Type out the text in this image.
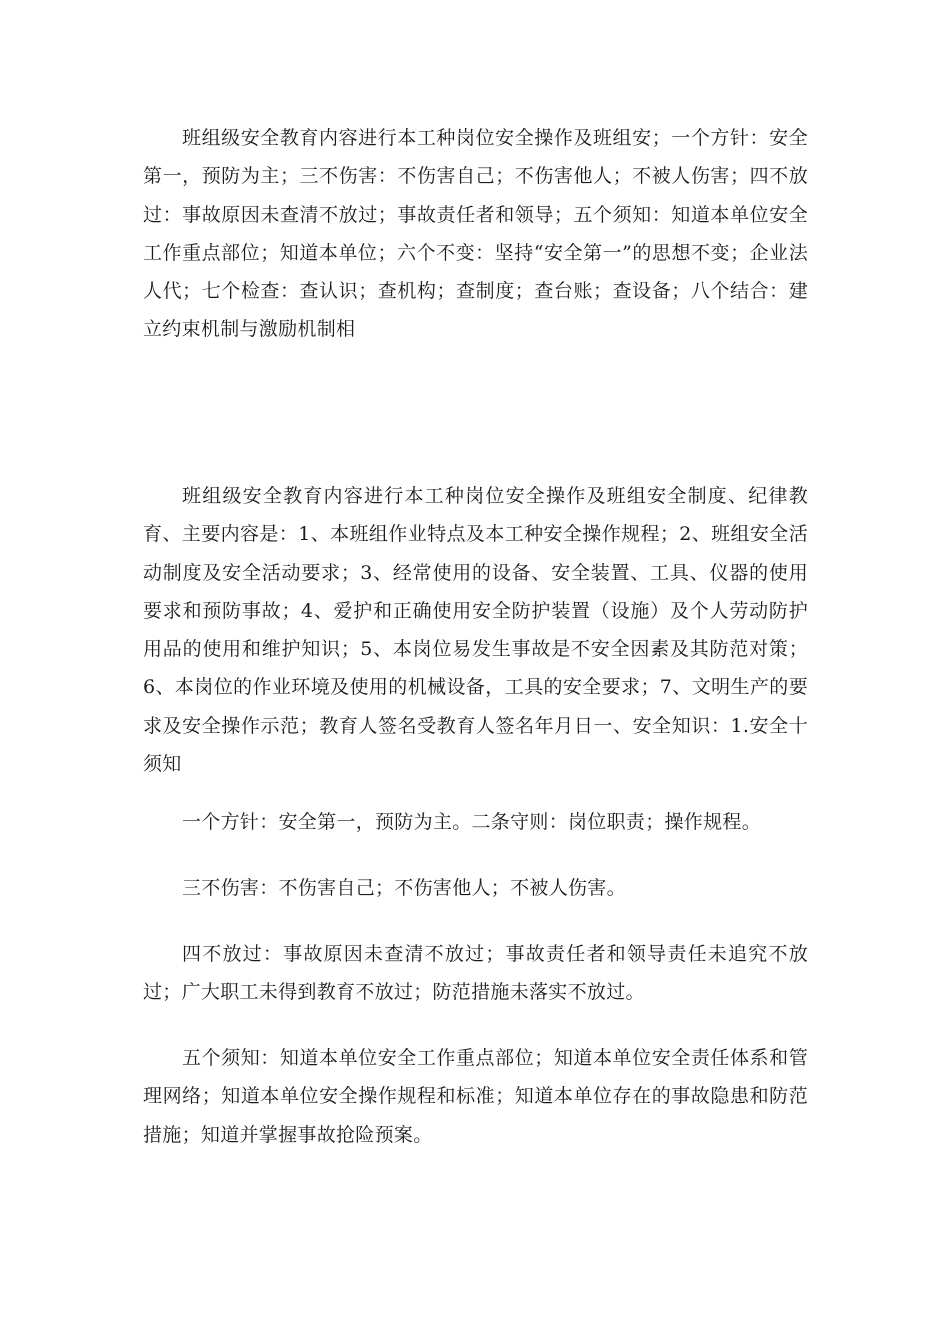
班组级安全教育内容进行本工种岗位安全操作及班组安；一个方针：安全第一，预防为主；三不伤害：不伤害自己；不伤害他人；不被人伤害；四不放过：事故原因未查清不放过；事故责任者和领导；五个须知：知道本单位安全工作重点部位；知道本单位；六个不变：坚持“安全第一”的思想不变；企业法人代；七个检查：查认识；查机构；查制度；查台账；查设备；八个结合：建立约束机制与激励机制相

班组级安全教育内容进行本工种岗位安全操作及班组安全制度、纪律教育、主要内容是：1、本班组作业特点及本工种安全操作规程；2、班组安全活动制度及安全活动要求；3、经常使用的设备、安全装置、工具、仪器的使用要求和预防事故；4、爱护和正确使用安全防护装置（设施）及个人劳动防护用品的使用和维护知识；5、本岗位易发生事故是不安全因素及其防范对策；6、本岗位的作业环境及使用的机械设备，工具的安全要求；7、文明生产的要求及安全操作示范；教育人签名受教育人签名年月日一、安全知识：1.安全十须知

一个方针：安全第一，预防为主。二条守则：岗位职责；操作规程。

三不伤害：不伤害自己；不伤害他人；不被人伤害。

四不放过：事故原因未查清不放过；事故责任者和领导责任未追究不放过；广大职工未得到教育不放过；防范措施未落实不放过。

五个须知：知道本单位安全工作重点部位；知道本单位安全责任体系和管理网络；知道本单位安全操作规程和标准；知道本单位存在的事故隐患和防范措施；知道并掌握事故抢险预案。
